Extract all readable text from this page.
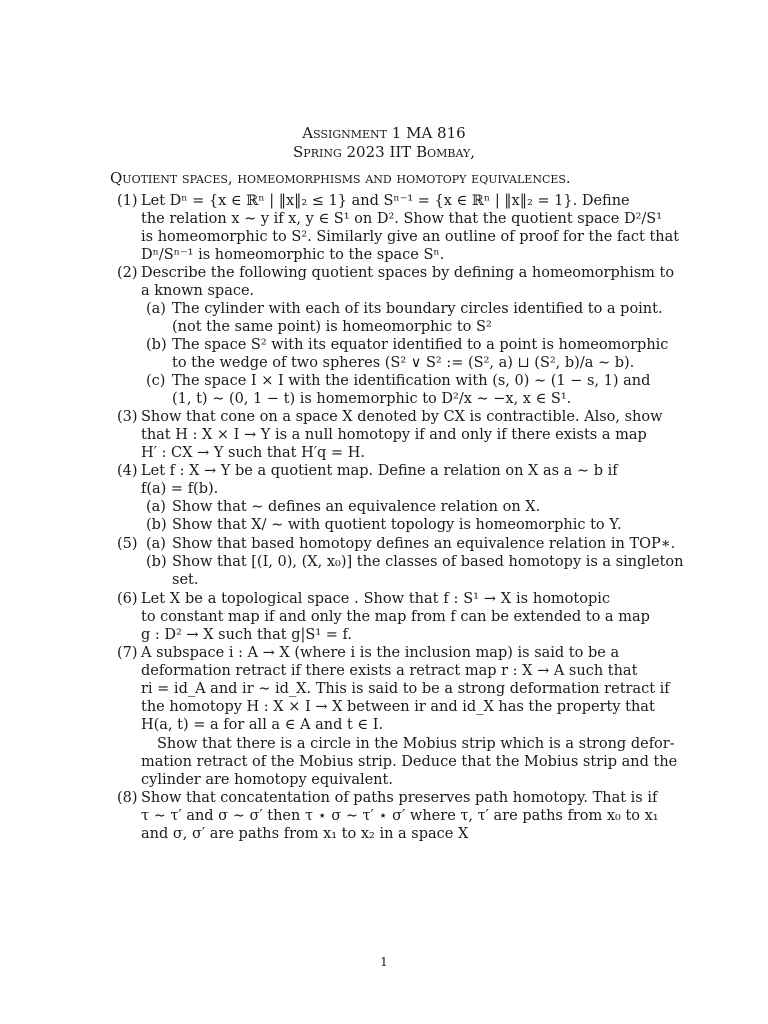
Assignment 1 MA 816
Spring 2023 IIT Bombay,
Quotient spaces, homeomorphisms and homotopy equivalences.
(1) Let Dⁿ = {x ∈ ℝⁿ | ‖x‖₂ ≤ 1} and Sⁿ⁻¹ = {x ∈ ℝⁿ | ‖x‖₂ = 1}. Define
the relation x ∼ y if x, y ∈ S¹ on D². Show that the quotient space D²/S¹
is homeomorphic to S². Similarly give an outline of proof for the fact that
Dⁿ/Sⁿ⁻¹ is homeomorphic to the space Sⁿ.
(2) Describe the following quotient spaces by defining a homeomorphism to
a known space.
(a) The cylinder with each of its boundary circles identified to a point.
(not the same point) is homeomorphic to S²
(b) The space S² with its equator identified to a point is homeomorphic
to the wedge of two spheres (S² ∨ S² := (S², a) ⊔ (S², b)/a ∼ b).
(c) The space I × I with the identification with (s, 0) ∼ (1 − s, 1) and
(1, t) ∼ (0, 1 − t) is homemorphic to D²/x ∼ −x, x ∈ S¹.
(3) Show that cone on a space X denoted by CX is contractible. Also, show
that H : X × I → Y is a null homotopy if and only if there exists a map
H′ : CX → Y such that H′q = H.
(4) Let f : X → Y be a quotient map. Define a relation on X as a ∼ b if
f(a) = f(b).
(a) Show that ∼ defines an equivalence relation on X.
(b) Show that X/ ∼ with quotient topology is homeomorphic to Y.
(5) (a) Show that based homotopy defines an equivalence relation in TOP∗.
(b) Show that [(I, 0), (X, x₀)] the classes of based homotopy is a singleton
set.
(6) Let X be a topological space . Show that f : S¹ → X is homotopic
to constant map if and only the map from f can be extended to a map
g : D² → X such that g|S¹ = f.
(7) A subspace i : A → X (where i is the inclusion map) is said to be a
deformation retract if there exists a retract map r : X → A such that
ri = id_A and ir ∼ id_X. This is said to be a strong deformation retract if
the homotopy H : X × I → X between ir and id_X has the property that
H(a, t) = a for all a ∈ A and t ∈ I.
Show that there is a circle in the Mobius strip which is a strong defor-
mation retract of the Mobius strip. Deduce that the Mobius strip and the
cylinder are homotopy equivalent.
(8) Show that concatentation of paths preserves path homotopy. That is if
τ ∼ τ′ and σ ∼ σ′ then τ ⋆ σ ∼ τ′ ⋆ σ′ where τ, τ′ are paths from x₀ to x₁
and σ, σ′ are paths from x₁ to x₂ in a space X
1
